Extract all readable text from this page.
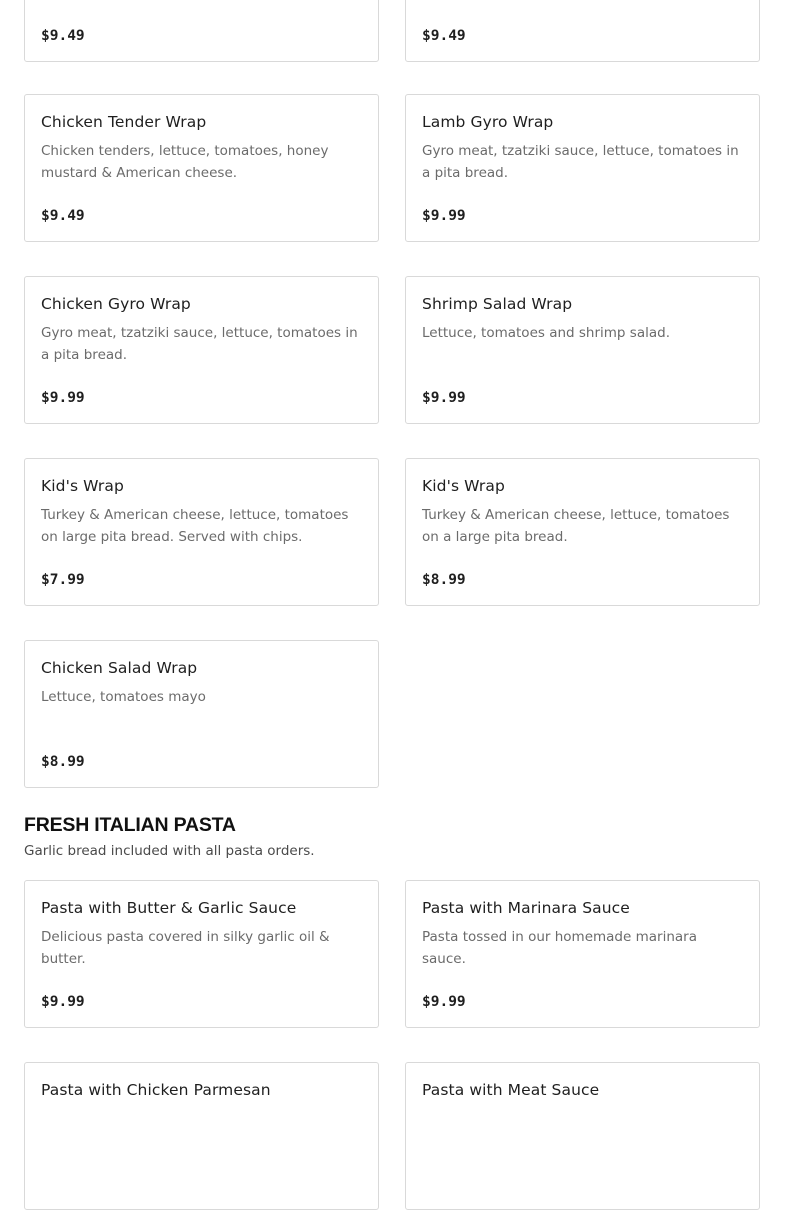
$9.49	$9.49
Chicken Tender Wrap
Chicken tenders, lettuce, tomatoes, honey mustard & American cheese.
$9.49
Lamb Gyro Wrap
Gyro meat, tzatziki sauce, lettuce, tomatoes in a pita bread.
$9.99
Chicken Gyro Wrap
Gyro meat, tzatziki sauce, lettuce, tomatoes in a pita bread.
$9.99
Shrimp Salad Wrap
Lettuce, tomatoes and shrimp salad.
$9.99
Kid's Wrap
Turkey & American cheese, lettuce, tomatoes on large pita bread. Served with chips.
$7.99
Kid's Wrap
Turkey & American cheese, lettuce, tomatoes on a large pita bread.
$8.99
Chicken Salad Wrap
Lettuce, tomatoes mayo
$8.99
FRESH ITALIAN PASTA
Garlic bread included with all pasta orders.
Pasta with Butter & Garlic Sauce
Delicious pasta covered in silky garlic oil & butter.
$9.99
Pasta with Marinara Sauce
Pasta tossed in our homemade marinara sauce.
$9.99
Pasta with Chicken Parmesan	Pasta with Meat Sauce
